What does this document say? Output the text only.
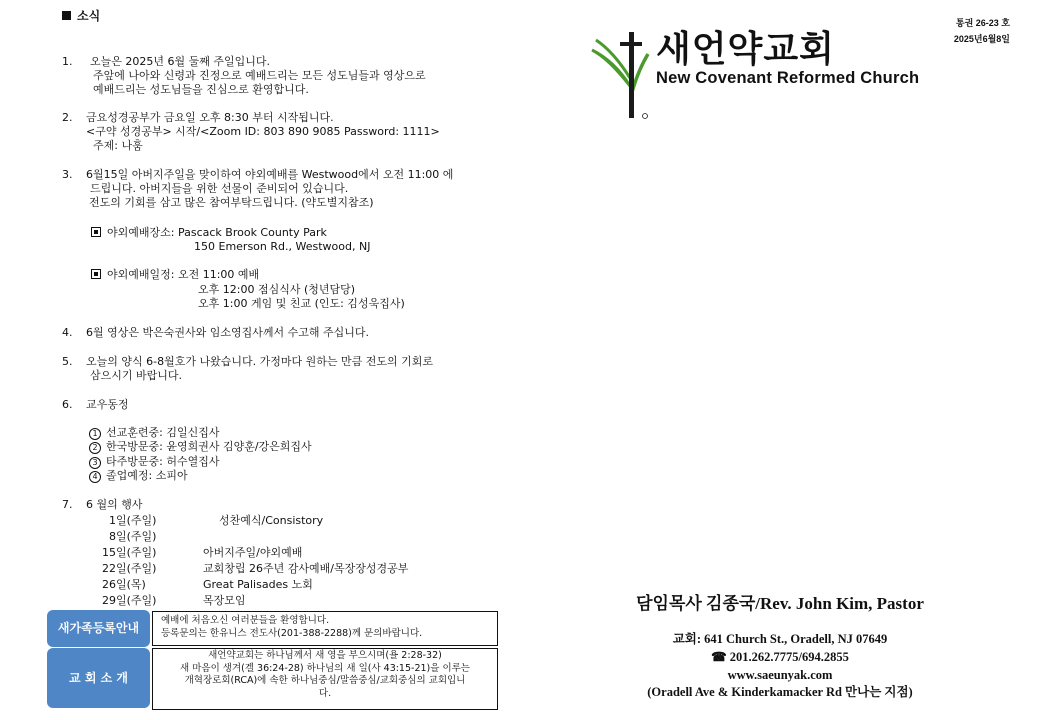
소식
1. 오늘은 2025년 6월 둘째 주일입니다.
주앞에 나아와 신령과 진정으로 예배드리는 모든 성도님들과 영상으로
예배드리는 성도님들을 진심으로 환영합니다.
2. 금요성경공부가 금요일 오후 8:30 부터 시작됩니다.
<구약 성경공부> 시작/<Zoom ID: 803 890 9085 Password: 1111>
주제: 나훔
3. 6월15일 아버지주일을 맞이하여 야외예배를 Westwood에서 오전 11:00 에
드립니다. 아버지들을 위한 선물이 준비되어 있습니다.
전도의 기회를 삼고 많은 참여부탁드립니다. (약도별지참조)
야외예배장소: Pascack Brook County Park
150 Emerson Rd., Westwood, NJ
야외예배일정: 오전 11:00 예배
오후 12:00 점심식사 (청년담당)
오후 1:00 게임 및 친교 (인도: 김성욱집사)
4. 6월 영상은 박은숙권사와 임소영집사께서 수고해 주십니다.
5. 오늘의 양식 6-8월호가 나왔습니다. 가정마다 원하는 만큼 전도의 기회로
삼으시기 바랍니다.
6. 교우동정
1 선교훈련중: 김일신집사
2 한국방문중: 윤영희권사 김양훈/강은희집사
3 타주방문중: 허수열집사
4 졸업예정: 소피아
7. 6 월의 행사
1일(주일)	성찬예식/Consistory
8일(주일)
15일(주일)	아버지주일/야외예배
22일(주일)	교회창립 26주년 감사예배/목장장성경공부
26일(목)	Great Palisades 노회
29일(주일)	목장모임
새가족등록안내
예배에 처음오신 여러분들을 환영합니다.
등록문의는 한유니스 전도사(201-388-2288)께 문의바랍니다.
교 회 소 개
새언약교회는 하나님께서 새 영을 부으시며(욜 2:28-32)
새 마음이 생겨(겔 36:24-28) 하나님의 새 일(사 43:15-21)을 이루는
개혁장로회(RCA)에 속한 하나님중심/말씀중심/교회중심의 교회입니
다.
통권 26-23 호
2025년6월8일
새언약교회
New Covenant Reformed Church
담임목사 김종국/Rev. John Kim, Pastor
교회: 641 Church St., Oradell, NJ 07649
☎ 201.262.7775/694.2855
www.saeunyak.com
(Oradell Ave & Kinderkamacker Rd 만나는 지점)
